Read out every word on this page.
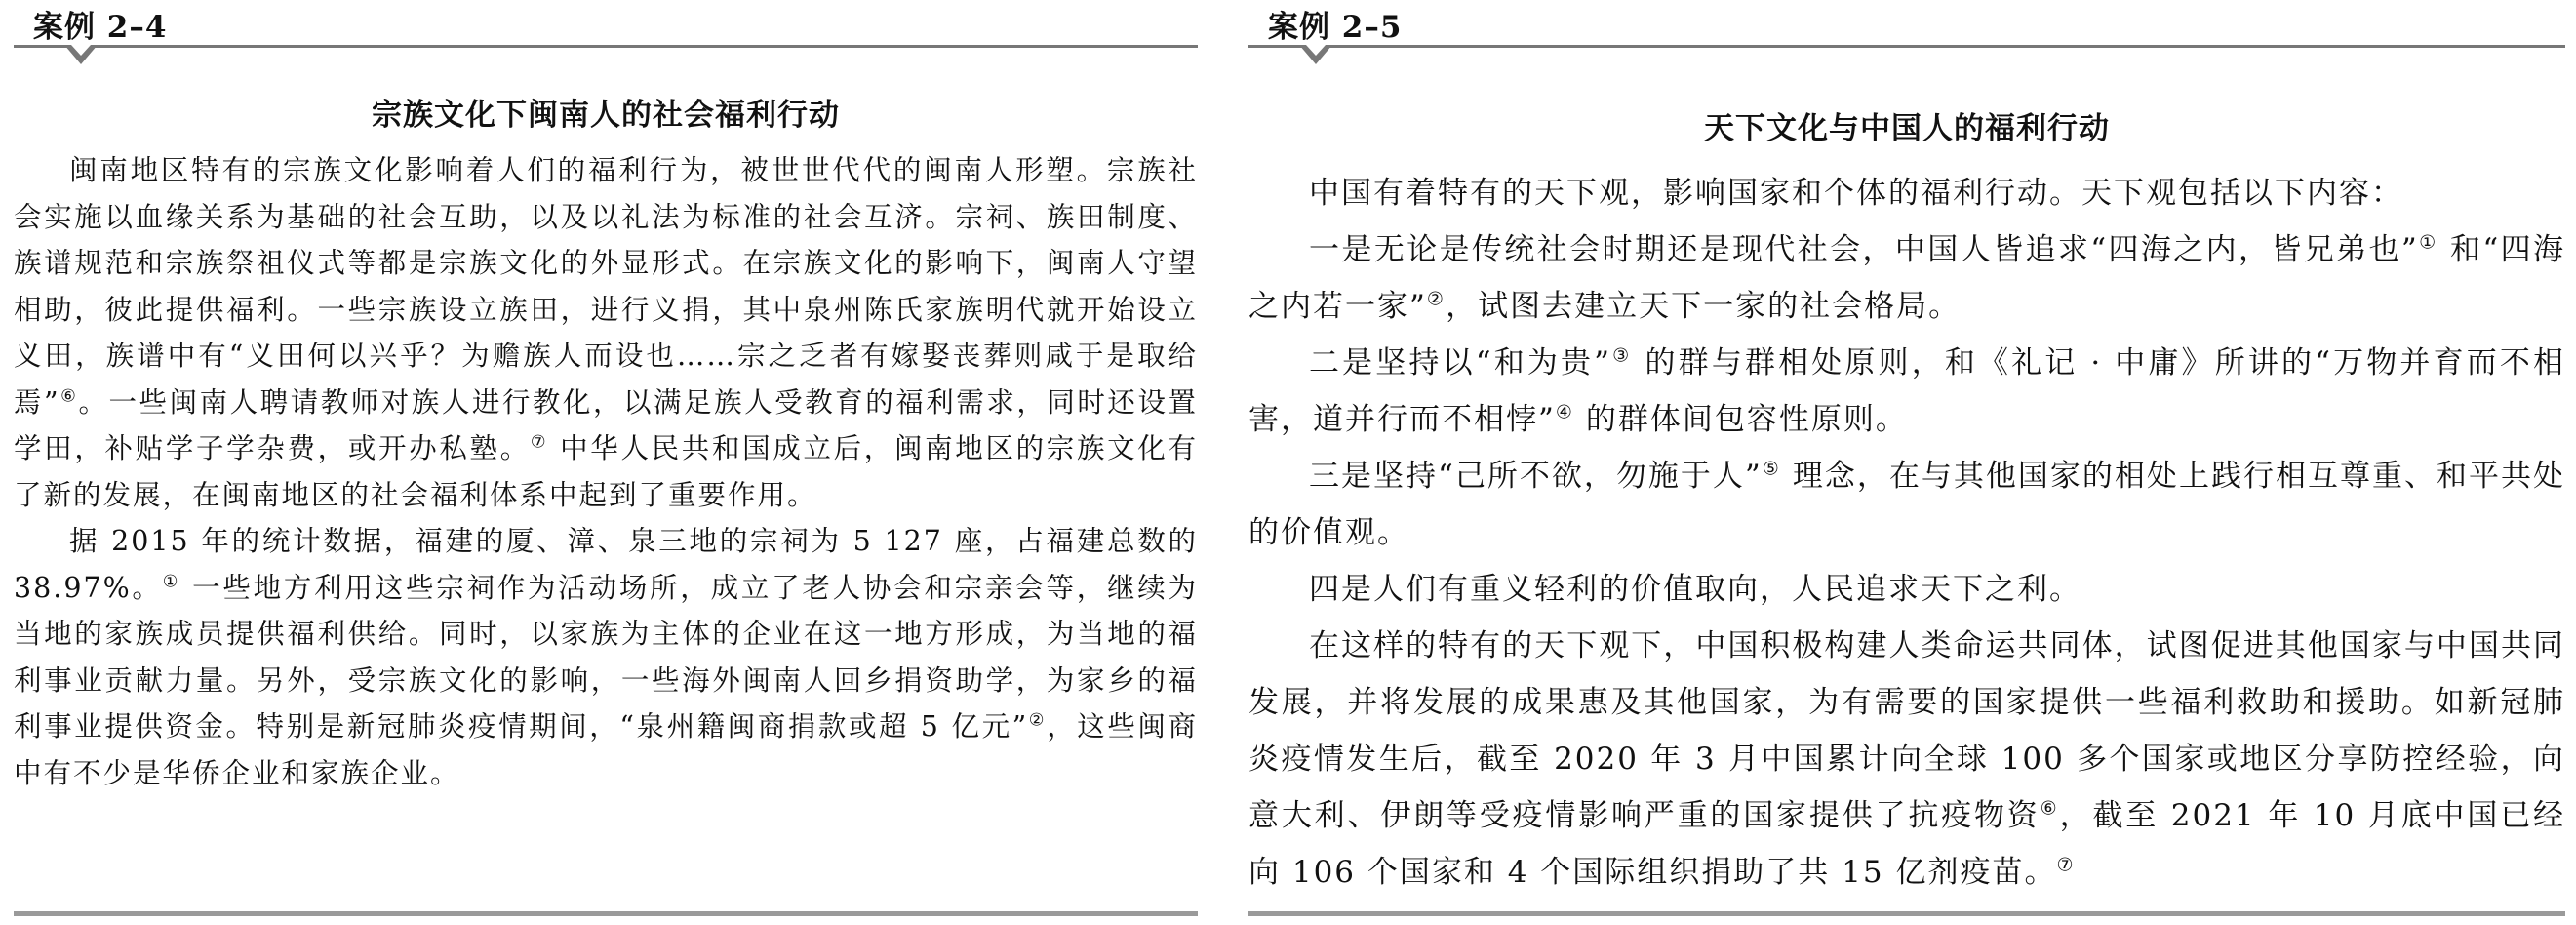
案例 2–4
宗族文化下闽南人的社会福利行动

闽南地区特有的宗族文化影响着人们的福利行为，被世世代代的闽南人形塑。宗族社会实施以血缘关系为基础的社会互助，以及以礼法为标准的社会互济。宗祠、族田制度、族谱规范和宗族祭祖仪式等都是宗族文化的外显形式。在宗族文化的影响下，闽南人守望相助，彼此提供福利。一些宗族设立族田，进行义捐，其中泉州陈氏家族明代就开始设立义田，族谱中有“义田何以兴乎？为赡族人而设也……宗之乏者有嫁娶丧葬则咸于是取给焉”⑥。一些闽南人聘请教师对族人进行教化，以满足族人受教育的福利需求，同时还设置学田，补贴学子学杂费，或开办私塾。⑦ 中华人民共和国成立后，闽南地区的宗族文化有了新的发展，在闽南地区的社会福利体系中起到了重要作用。

据 2015 年的统计数据，福建的厦、漳、泉三地的宗祠为 5 127 座，占福建总数的 38.97%。① 一些地方利用这些宗祠作为活动场所，成立了老人协会和宗亲会等，继续为当地的家族成员提供福利供给。同时，以家族为主体的企业在这一地方形成，为当地的福利事业贡献力量。另外，受宗族文化的影响，一些海外闽南人回乡捐资助学，为家乡的福利事业提供资金。特别是新冠肺炎疫情期间，“泉州籍闽商捐款或超 5 亿元”②，这些闽商中有不少是华侨企业和家族企业。

案例 2–5
天下文化与中国人的福利行动

中国有着特有的天下观，影响国家和个体的福利行动。天下观包括以下内容：

一是无论是传统社会时期还是现代社会，中国人皆追求“四海之内，皆兄弟也”① 和“四海之内若一家”②，试图去建立天下一家的社会格局。

二是坚持以“和为贵”③ 的群与群相处原则，和《礼记 · 中庸》所讲的“万物并育而不相害，道并行而不相悖”④ 的群体间包容性原则。

三是坚持“己所不欲，勿施于人”⑤ 理念，在与其他国家的相处上践行相互尊重、和平共处的价值观。

四是人们有重义轻利的价值取向，人民追求天下之利。

在这样的特有的天下观下，中国积极构建人类命运共同体，试图促进其他国家与中国共同发展，并将发展的成果惠及其他国家，为有需要的国家提供一些福利救助和援助。如新冠肺炎疫情发生后，截至 2020 年 3 月中国累计向全球 100 多个国家或地区分享防控经验，向意大利、伊朗等受疫情影响严重的国家提供了抗疫物资⑥，截至 2021 年 10 月底中国已经向 106 个国家和 4 个国际组织捐助了共 15 亿剂疫苗。⑦
